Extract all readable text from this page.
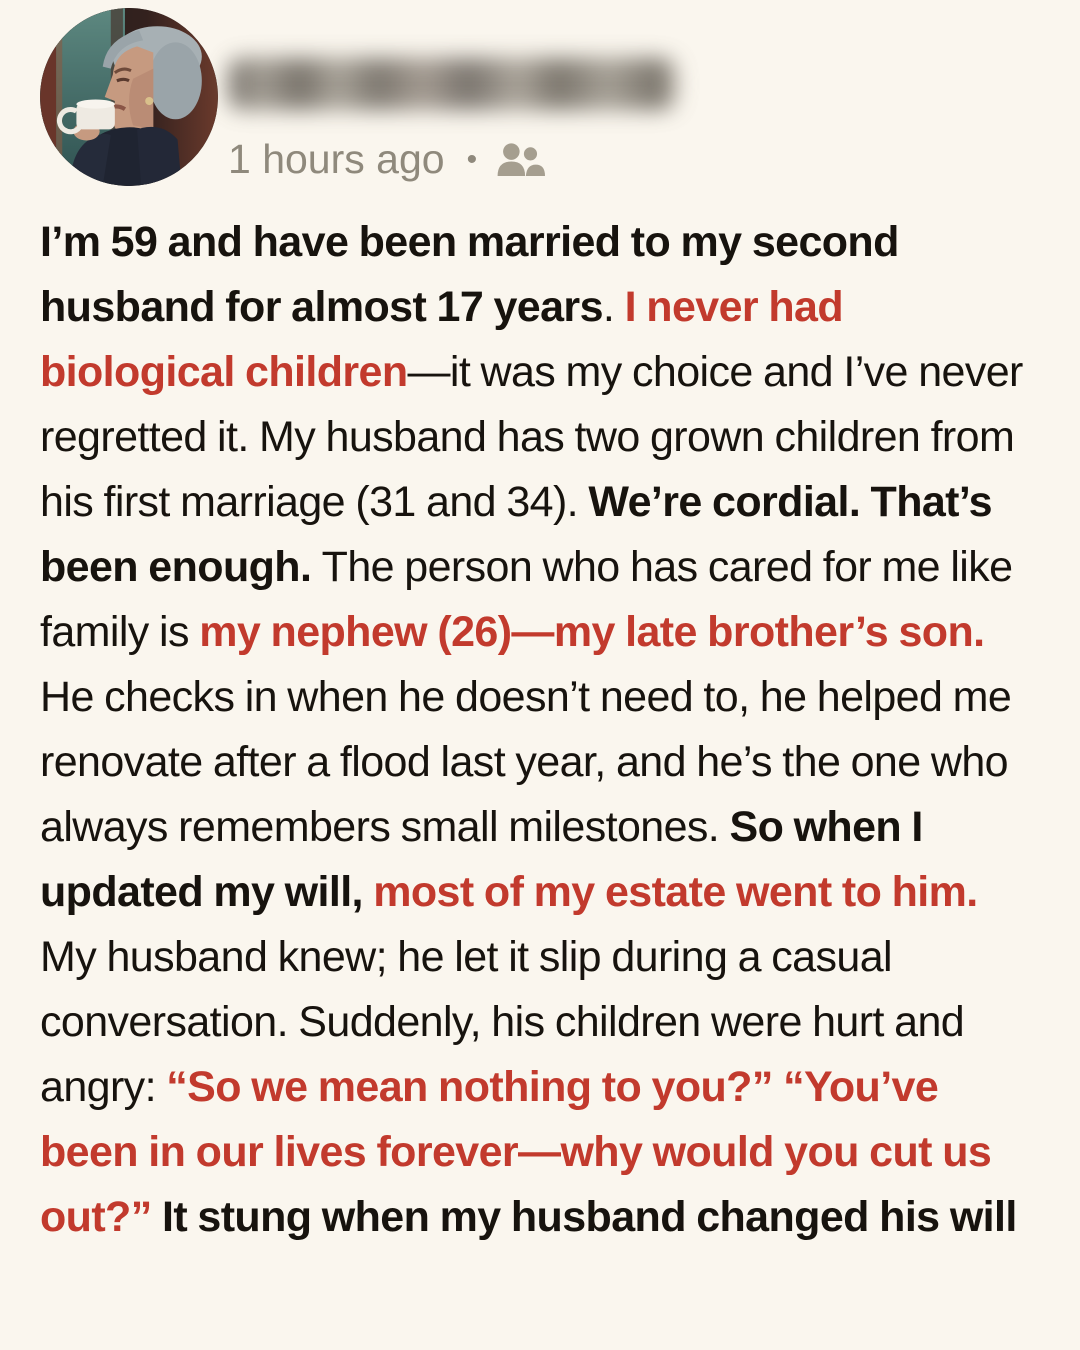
1 hours ago •

I’m 59 and have been married to my second husband for almost 17 years. I never had biological children—it was my choice and I’ve never regretted it. My husband has two grown children from his first marriage (31 and 34). We’re cordial. That’s been enough. The person who has cared for me like family is my nephew (26)—my late brother’s son. He checks in when he doesn’t need to, he helped me renovate after a flood last year, and he’s the one who always remembers small milestones. So when I updated my will, most of my estate went to him. My husband knew; he let it slip during a casual conversation. Suddenly, his children were hurt and angry: “So we mean nothing to you?” “You’ve been in our lives forever—why would you cut us out?” It stung when my husband changed his will
